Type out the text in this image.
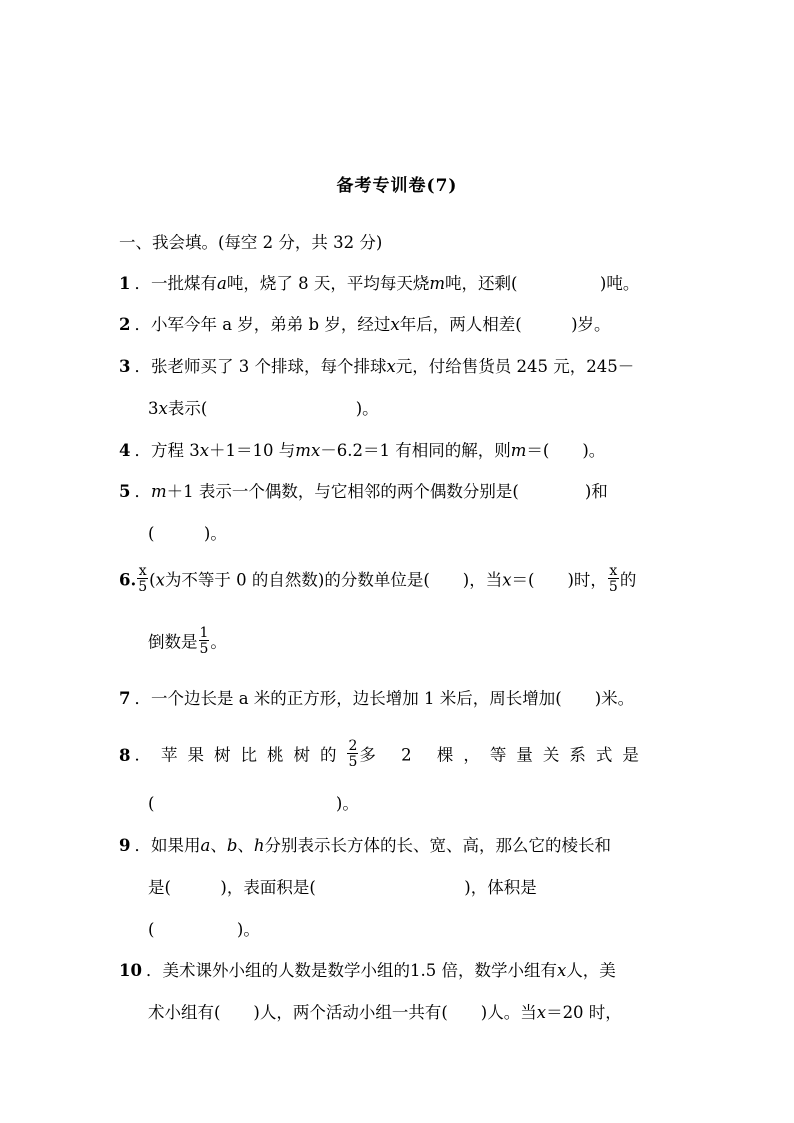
备考专训卷(7)
一、我会填。(每空 2 分，共 32 分)
1 ．一批煤有a吨，烧了 8 天，平均每天烧m吨，还剩(　　　　　)吨。
2 ．小军今年 a 岁，弟弟 b 岁，经过x年后，两人相差(　　　)岁。
3 ．张老师买了 3 个排球，每个排球x元，付给售货员 245 元，245－
3x表示(　　　　　　　　　)。
4 ．方程 3x＋1＝10 与mx－6.2＝1 有相同的解，则m＝(　　)。
5 ．m＋1 表示一个偶数，与它相邻的两个偶数分别是(　　　　)和
(　　　)。
6. $\frac{x}{5} (x$为不等于 0 的自然数)的分数单位是(　　)，当x＝(　　)时， $\frac{x}{5}$ 的
倒数是 $\frac{1}{5}$ 。
7 ．一个边长是 a 米的正方形，边长增加 1 米后，周长增加(　　)米。
8 ．苹果树比桃树的 $\frac{2}{5}$ 多 2 棵，等量关系式是
(　　　　　　　　　　　)。
9 ．如果用a、b、h分别表示长方体的长、宽、高，那么它的棱长和
是(　　　)，表面积是(　　　　　　　　　)，体积是
(　　　　　)。
10 ．美术课外小组的人数是数学小组的1.5 倍，数学小组有x人，美
术小组有(　　)人，两个活动小组一共有(　　)人。当x＝20 时，
